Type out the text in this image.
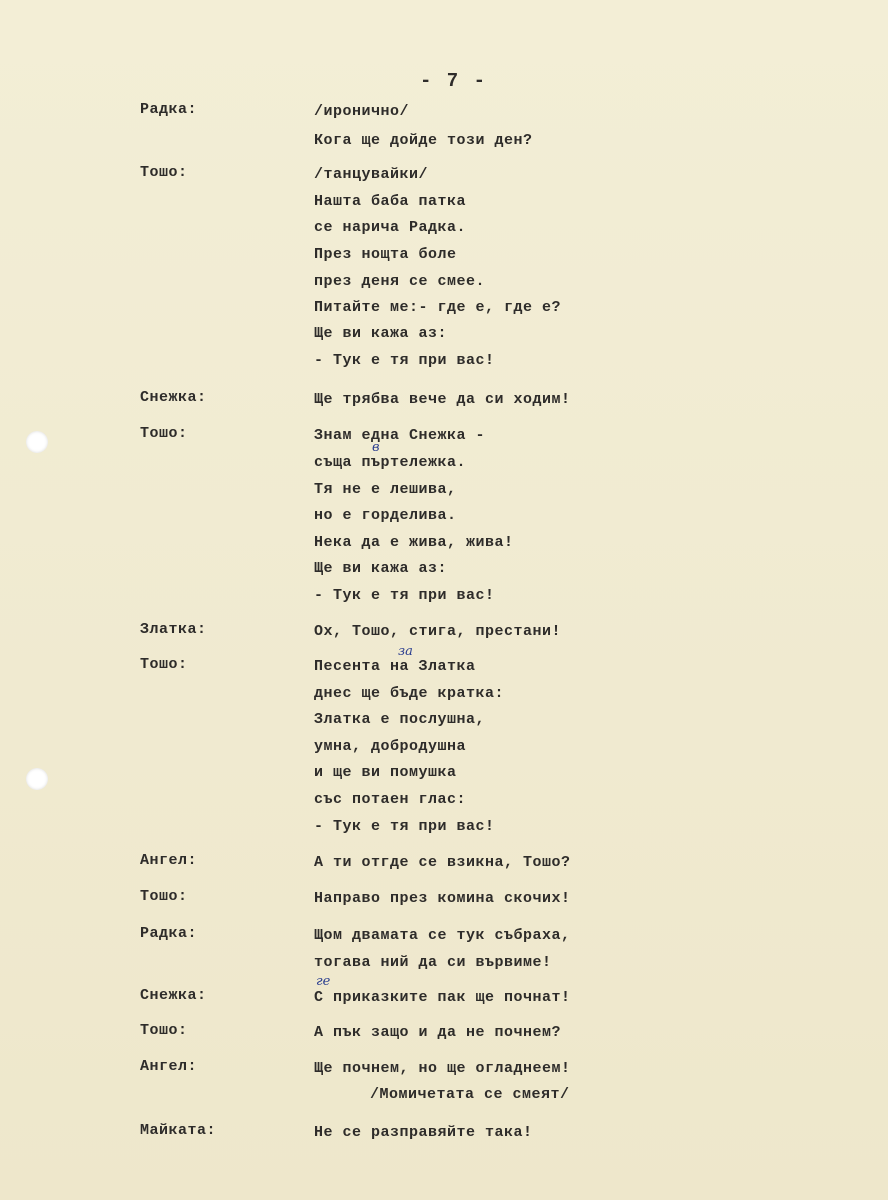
- 7 -
Радка:	/иронично/
Кога ще дойде този ден?
Тошо:	/танцувайки/
Нашта баба патка
се нарича Радка.
През нощта боле
през деня се смее.
Питайте ме:- где е, где е?
Ще ви кажа аз:
- Тук е тя при вас!
Снежка:	Ще трябва вече да си ходим!
Тошо:	Знам една Снежка -
съща пъртележка.
Тя не е лешива,
но е горделива.
Нека да е жива, жива!
Ще ви кажа аз:
- Тук е тя при вас!
Златка:	Ох, Тошо, стига, престани!
Тошо:	Песента на Златка
днес ще бъде кратка:
Златка е послушна,
умна, добродушна
и ще ви помушка
със потаен глас:
- Тук е тя при вас!
Ангел:	А ти отгде се взикна, Тошо?
Тошо:	Направо през комина скочих!
Радка:	Щом двамата се тук събраха,
тогава ний да си вървиме!
Снежка:	С приказките пак ще почнат!
Тошо:	А пък защо и да не почнем?
Ангел:	Ще почнем, но ще огладнеем!
/Момичетата се смеят/
Майката:	Не се разправяйте така!
в
за
ге
